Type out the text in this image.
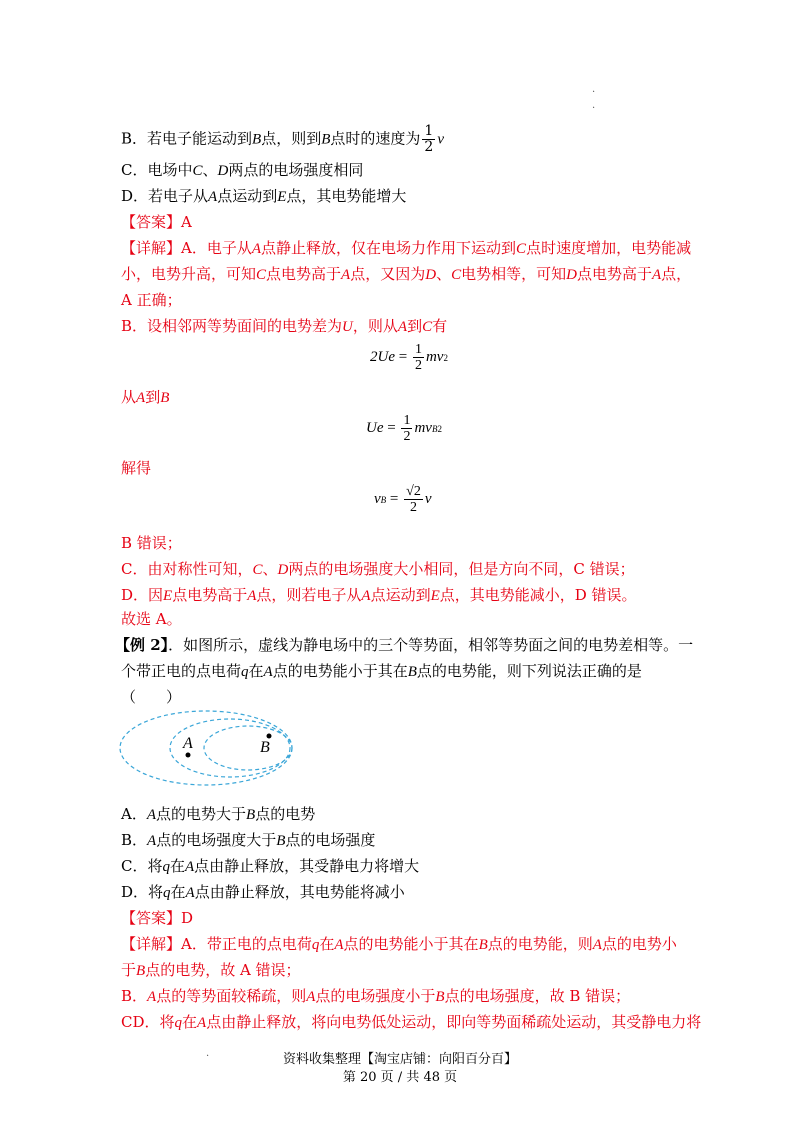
.
.
B．若电子能运动到B点，则到B点时的速度为 $\frac{1}{2}$ v
C．电场中C、D两点的电场强度相同
D．若电子从A点运动到E点，其电势能增大
【答案】A
【详解】A．电子从A点静止释放，仅在电场力作用下运动到C点时速度增加，电势能减
小，电势升高，可知C点电势高于A点，又因为D、C电势相等，可知D点电势高于A点，
A 正确；
B．设相邻两等势面间的电势差为U，则从A到C有
$2Ue = \frac{1}{2}$ mv 2
从A到B
$Ue = \frac{1}{2}$ mv B 2
解得
v $B = \frac{√2}{2}$ v
B 错误；
C．由对称性可知，C、D两点的电场强度大小相同，但是方向不同，C 错误；
D．因E点电势高于A点，则若电子从A点运动到E点，其电势能减小，D 错误。
故选 A。
【例 2】．如图所示，虚线为静电场中的三个等势面，相邻等势面之间的电势差相等。一
个带正电的点电荷q在A点的电势能小于其在B点的电势能，则下列说法正确的是
（　　）
A	B
A．A点的电势大于B点的电势
B．A点的电场强度大于B点的电场强度
C．将q在A点由静止释放，其受静电力将增大
D．将q在A点由静止释放，其电势能将减小
【答案】D
【详解】A．带正电的点电荷q在A点的电势能小于其在B点的电势能，则A点的电势小
于B点的电势，故 A 错误；
B．A点的等势面较稀疏，则A点的电场强度小于B点的电场强度，故 B 错误；
CD．将q在A点由静止释放，将向电势低处运动，即向等势面稀疏处运动，其受静电力将
.	资料收集整理【淘宝店铺：向阳百分百】
第 20 页 / 共 48 页
